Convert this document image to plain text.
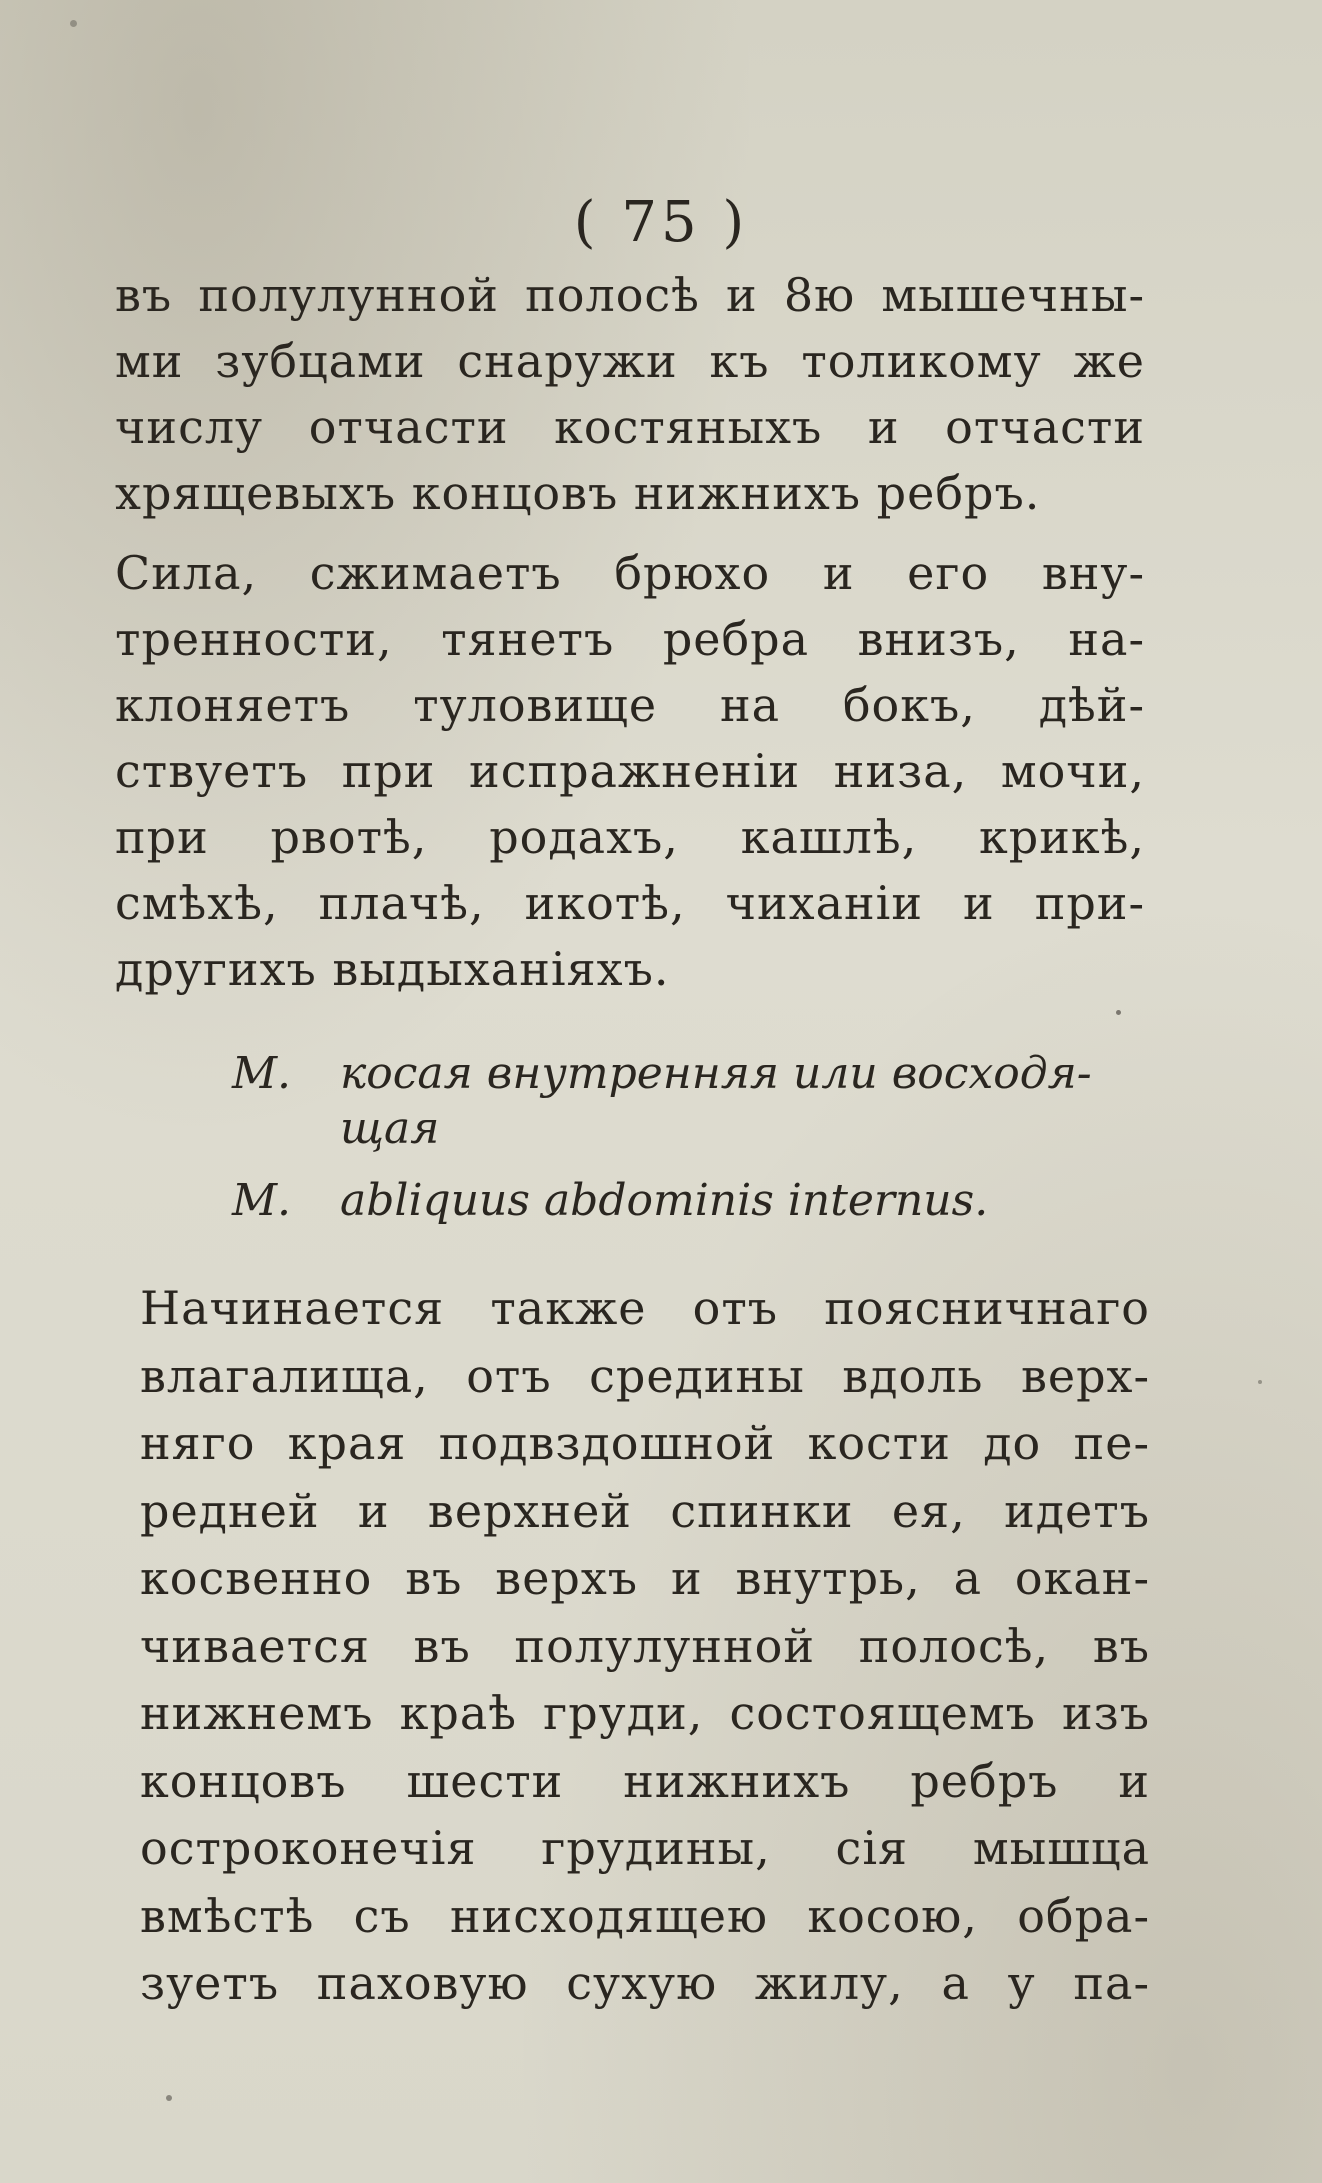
( 75 )
въ полулунной полосѣ и 8ю мышечны-
ми зубцами снаружи къ толикому же
числу отчасти костяныхъ и отчасти
хрящевыхъ концовъ нижнихъ ребръ.
Сила, сжимаетъ брюхо и его вну-
тренности, тянетъ ребра внизъ, на-
клоняетъ туловище на бокъ, дѣй-
ствуетъ при испражненіи низа, мочи,
при рвотѣ, родахъ, кашлѣ, крикѣ,
смѣхѣ, плачѣ, икотѣ, чиханіи и при-
другихъ выдыханіяхъ.
М. косая внутренняя или восходя-
щая
M. abliquus abdominis internus.
Начинается также отъ поясничнаго
влагалища, отъ средины вдоль верх-
няго края подвздошной кости до пе-
редней и верхней спинки ея, идетъ
косвенно въ верхъ и внутрь, а окан-
чивается въ полулунной полосѣ, въ
нижнемъ краѣ груди, состоящемъ изъ
концовъ шести нижнихъ ребръ и
остроконечія грудины, сія мышца
вмѣстѣ съ нисходящею косою, обра-
зуетъ паховую сухую жилу, а у па-
